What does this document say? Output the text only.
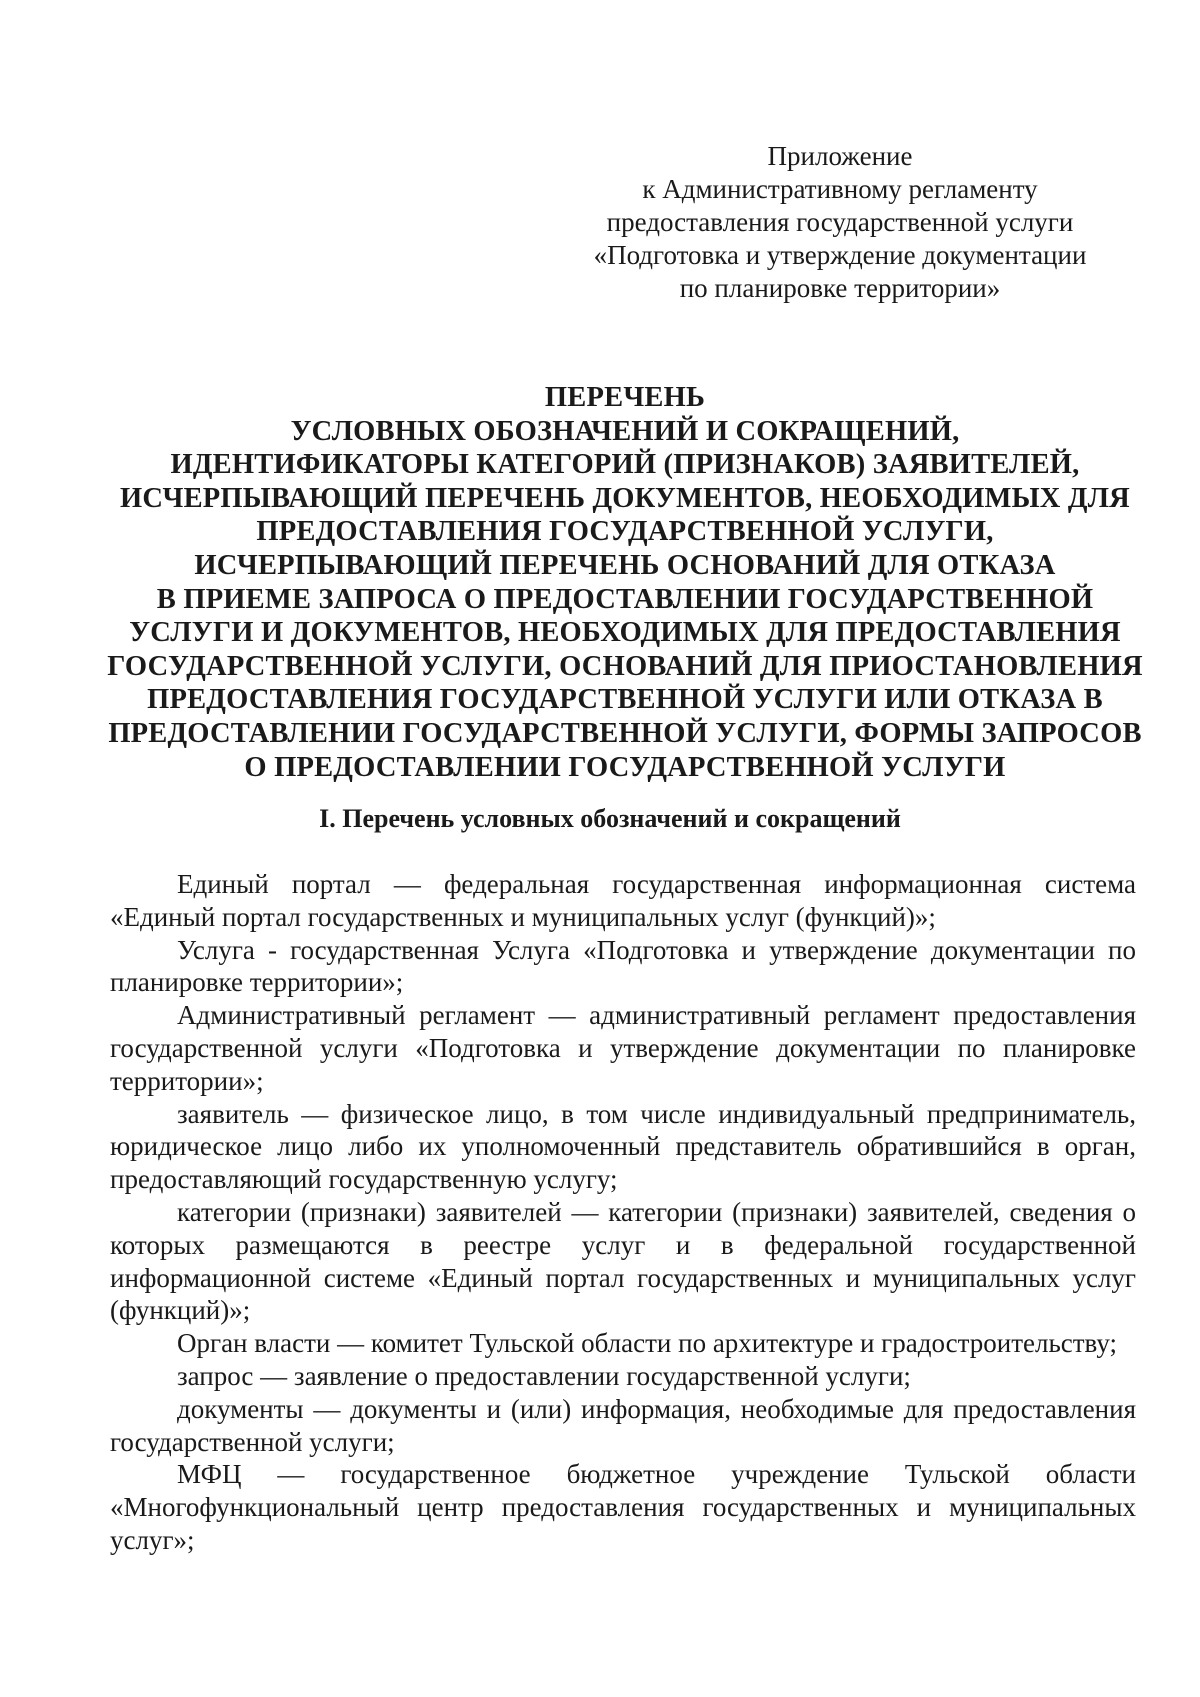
Приложение
к Административному регламенту
предоставления государственной услуги
«Подготовка и утверждение документации
по планировке территории»
ПЕРЕЧЕНЬ
УСЛОВНЫХ ОБОЗНАЧЕНИЙ И СОКРАЩЕНИЙ,
ИДЕНТИФИКАТОРЫ КАТЕГОРИЙ (ПРИЗНАКОВ) ЗАЯВИТЕЛЕЙ,
ИСЧЕРПЫВАЮЩИЙ ПЕРЕЧЕНЬ ДОКУМЕНТОВ, НЕОБХОДИМЫХ ДЛЯ
ПРЕДОСТАВЛЕНИЯ ГОСУДАРСТВЕННОЙ УСЛУГИ,
ИСЧЕРПЫВАЮЩИЙ ПЕРЕЧЕНЬ ОСНОВАНИЙ ДЛЯ ОТКАЗА
В ПРИЕМЕ ЗАПРОСА О ПРЕДОСТАВЛЕНИИ ГОСУДАРСТВЕННОЙ
УСЛУГИ И ДОКУМЕНТОВ, НЕОБХОДИМЫХ ДЛЯ ПРЕДОСТАВЛЕНИЯ
ГОСУДАРСТВЕННОЙ УСЛУГИ, ОСНОВАНИЙ ДЛЯ ПРИОСТАНОВЛЕНИЯ
ПРЕДОСТАВЛЕНИЯ ГОСУДАРСТВЕННОЙ УСЛУГИ ИЛИ ОТКАЗА В
ПРЕДОСТАВЛЕНИИ ГОСУДАРСТВЕННОЙ УСЛУГИ, ФОРМЫ ЗАПРОСОВ
О ПРЕДОСТАВЛЕНИИ ГОСУДАРСТВЕННОЙ УСЛУГИ
I. Перечень условных обозначений и сокращений

Единый портал — федеральная государственная информационная система «Единый портал государственных и муниципальных услуг (функций)»;

Услуга - государственная Услуга «Подготовка и утверждение документации по планировке территории»;

Административный регламент — административный регламент предоставления государственной услуги «Подготовка и утверждение документации по планировке территории»;

заявитель — физическое лицо, в том числе индивидуальный предприниматель, юридическое лицо либо их уполномоченный представитель обратившийся в орган, предоставляющий государственную услугу;

категории (признаки) заявителей — категории (признаки) заявителей, сведения о которых размещаются в реестре услуг и в федеральной государственной информационной системе «Единый портал государственных и муниципальных услуг (функций)»;

Орган власти — комитет Тульской области по архитектуре и градостроительству;

запрос — заявление о предоставлении государственной услуги;

документы — документы и (или) информация, необходимые для предоставления государственной услуги;

МФЦ — государственное бюджетное учреждение Тульской области «Многофункциональный центр предоставления государственных и муниципальных услуг»;
